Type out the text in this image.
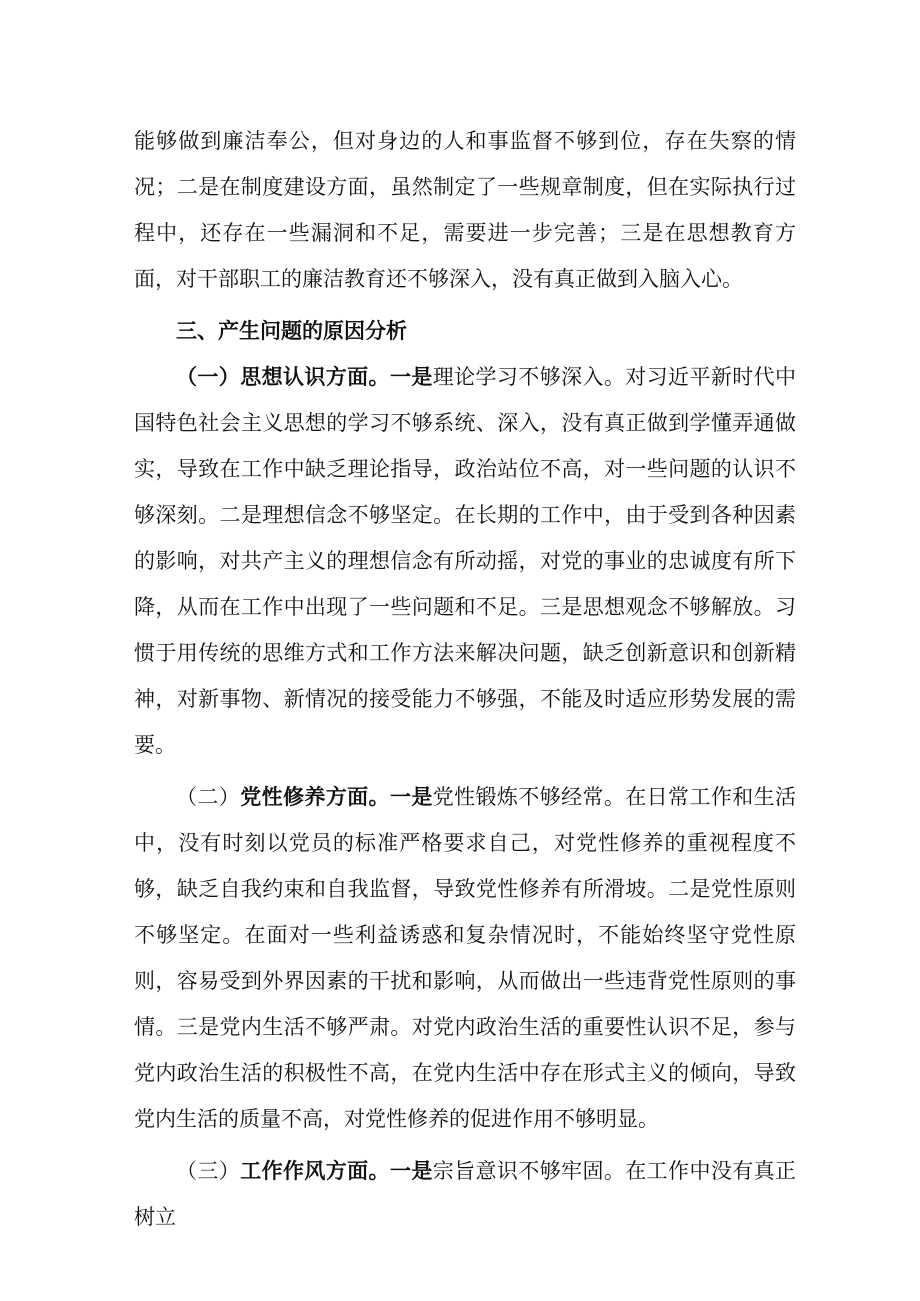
能够做到廉洁奉公，但对身边的人和事监督不够到位，存在失察的情况；二是在制度建设方面，虽然制定了一些规章制度，但在实际执行过程中，还存在一些漏洞和不足，需要进一步完善；三是在思想教育方面，对干部职工的廉洁教育还不够深入，没有真正做到入脑入心。

三、产生问题的原因分析

（一）思想认识方面。一是理论学习不够深入。对习近平新时代中国特色社会主义思想的学习不够系统、深入，没有真正做到学懂弄通做实，导致在工作中缺乏理论指导，政治站位不高，对一些问题的认识不够深刻。二是理想信念不够坚定。在长期的工作中，由于受到各种因素的影响，对共产主义的理想信念有所动摇，对党的事业的忠诚度有所下降，从而在工作中出现了一些问题和不足。三是思想观念不够解放。习惯于用传统的思维方式和工作方法来解决问题，缺乏创新意识和创新精神，对新事物、新情况的接受能力不够强，不能及时适应形势发展的需要。

（二）党性修养方面。一是党性锻炼不够经常。在日常工作和生活中，没有时刻以党员的标准严格要求自己，对党性修养的重视程度不够，缺乏自我约束和自我监督，导致党性修养有所滑坡。二是党性原则不够坚定。在面对一些利益诱惑和复杂情况时，不能始终坚守党性原则，容易受到外界因素的干扰和影响，从而做出一些违背党性原则的事情。三是党内生活不够严肃。对党内政治生活的重要性认识不足，参与党内政治生活的积极性不高，在党内生活中存在形式主义的倾向，导致党内生活的质量不高，对党性修养的促进作用不够明显。

（三）工作作风方面。一是宗旨意识不够牢固。在工作中没有真正树立
